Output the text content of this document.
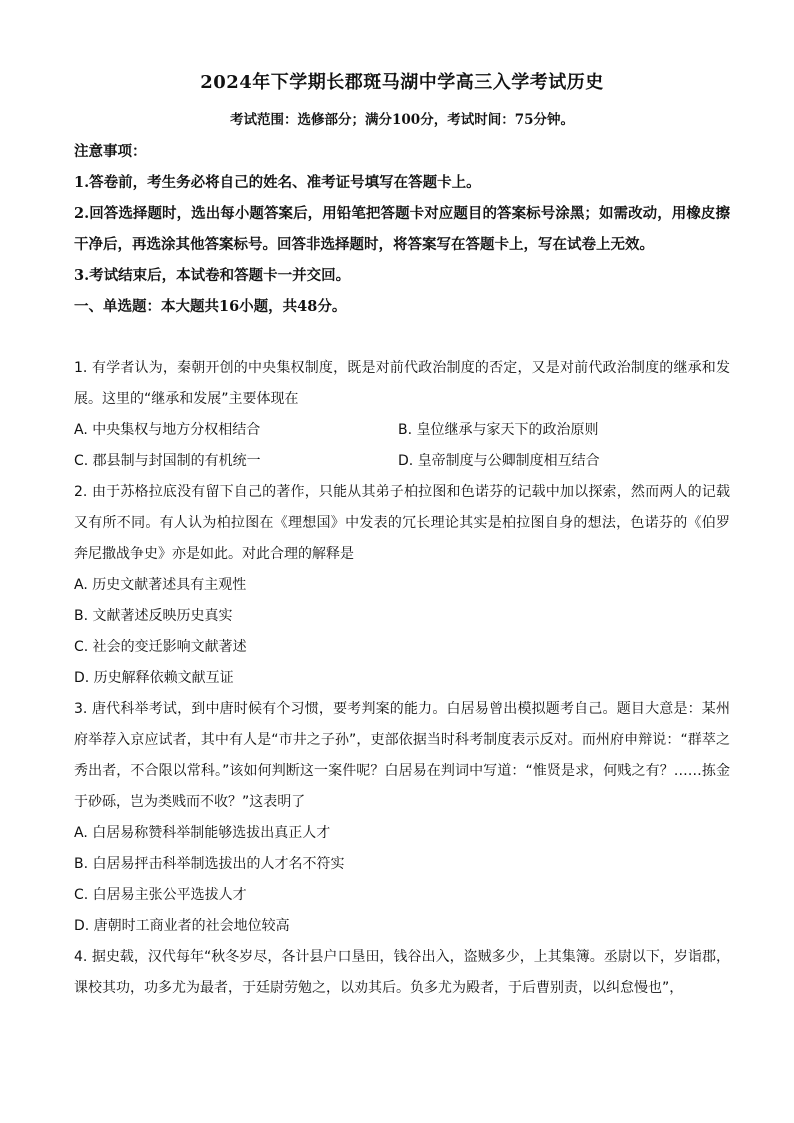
2024年下学期长郡斑马湖中学高三入学考试历史
考试范围：选修部分；满分100分，考试时间：75分钟。

注意事项：

1.答卷前，考生务必将自己的姓名、准考证号填写在答题卡上。

2.回答选择题时，选出每小题答案后，用铅笔把答题卡对应题目的答案标号涂黑；如需改动，用橡皮擦干净后，再选涂其他答案标号。回答非选择题时，将答案写在答题卡上，写在试卷上无效。

3.考试结束后，本试卷和答题卡一并交回。

一、单选题：本大题共16小题，共48分。

1. 有学者认为，秦朝开创的中央集权制度，既是对前代政治制度的否定，又是对前代政治制度的继承和发展。这里的“继承和发展”主要体现在

A. 中央集权与地方分权相结合	B. 皇位继承与家天下的政治原则
C. 郡县制与封国制的有机统一	D. 皇帝制度与公卿制度相互结合

2. 由于苏格拉底没有留下自己的著作，只能从其弟子柏拉图和色诺芬的记载中加以探索，然而两人的记载又有所不同。有人认为柏拉图在《理想国》中发表的冗长理论其实是柏拉图自身的想法，色诺芬的《伯罗奔尼撒战争史》亦是如此。对此合理的解释是

A. 历史文献著述具有主观性
B. 文献著述反映历史真实
C. 社会的变迁影响文献著述
D. 历史解释依赖文献互证

3. 唐代科举考试，到中唐时候有个习惯，要考判案的能力。白居易曾出模拟题考自己。题目大意是：某州府举荐入京应试者，其中有人是“市井之子孙”，吏部依据当时科考制度表示反对。而州府申辩说：“群萃之秀出者，不合限以常科。”该如何判断这一案件呢？白居易在判词中写道：“惟贤是求，何贱之有？……拣金于砂砾，岂为类贱而不收？”这表明了

A. 白居易称赞科举制能够选拔出真正人才
B. 白居易抨击科举制选拔出的人才名不符实
C. 白居易主张公平选拔人才
D. 唐朝时工商业者的社会地位较高

4. 据史载，汉代每年“秋冬岁尽，各计县户口垦田，钱谷出入，盗贼多少，上其集簿。丞尉以下，岁诣郡，课校其功，功多尤为最者，于廷尉劳勉之，以劝其后。负多尤为殿者，于后曹别责，以纠怠慢也”，
